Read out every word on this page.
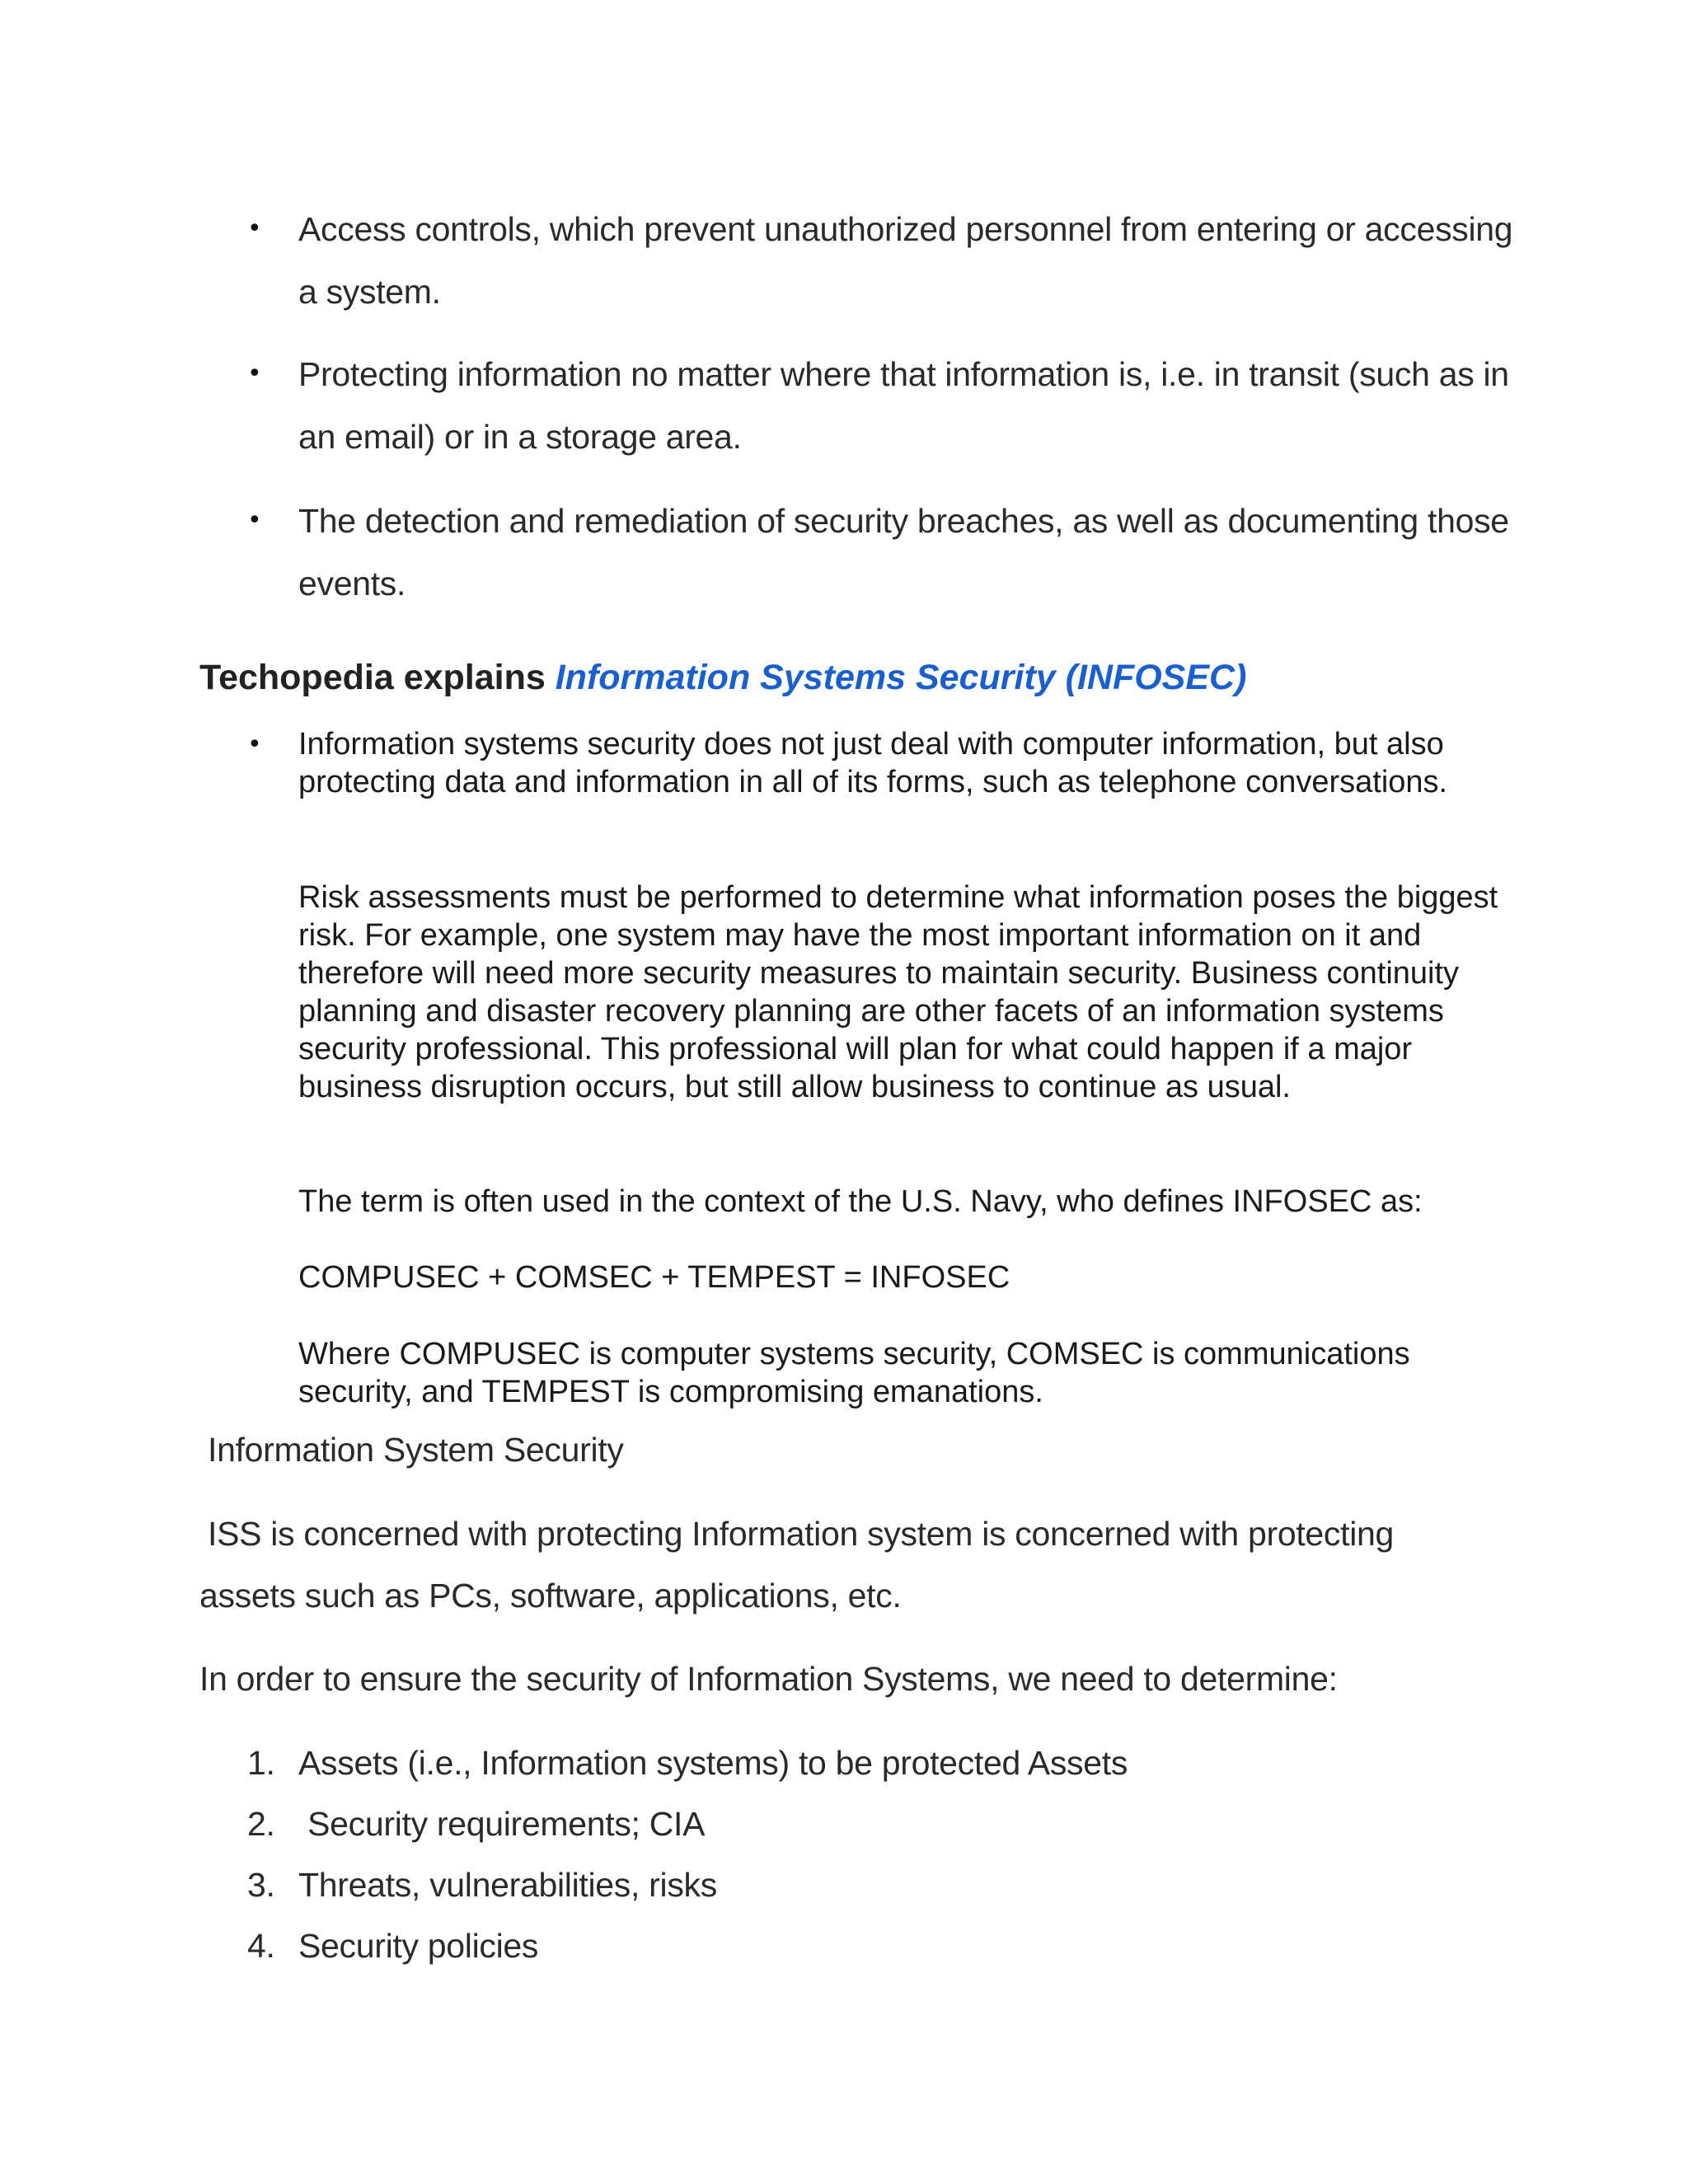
• Access controls, which prevent unauthorized personnel from entering or accessing a system.

• Protecting information no matter where that information is, i.e. in transit (such as in an email) or in a storage area.

• The detection and remediation of security breaches, as well as documenting those events.

Techopedia explains Information Systems Security (INFOSEC)
• Information systems security does not just deal with computer information, but also protecting data and information in all of its forms, such as telephone conversations.

Risk assessments must be performed to determine what information poses the biggest risk. For example, one system may have the most important information on it and therefore will need more security measures to maintain security. Business continuity planning and disaster recovery planning are other facets of an information systems security professional. This professional will plan for what could happen if a major business disruption occurs, but still allow business to continue as usual.

The term is often used in the context of the U.S. Navy, who defines INFOSEC as:

COMPUSEC + COMSEC + TEMPEST = INFOSEC

Where COMPUSEC is computer systems security, COMSEC is communications security, and TEMPEST is compromising emanations.

Information System Security

ISS is concerned with protecting Information system is concerned with protecting

assets such as PCs, software, applications, etc.

In order to ensure the security of Information Systems, we need to determine:

1. Assets (i.e., Information systems) to be protected Assets
2. Security requirements; CIA
3. Threats, vulnerabilities, risks
4. Security policies
